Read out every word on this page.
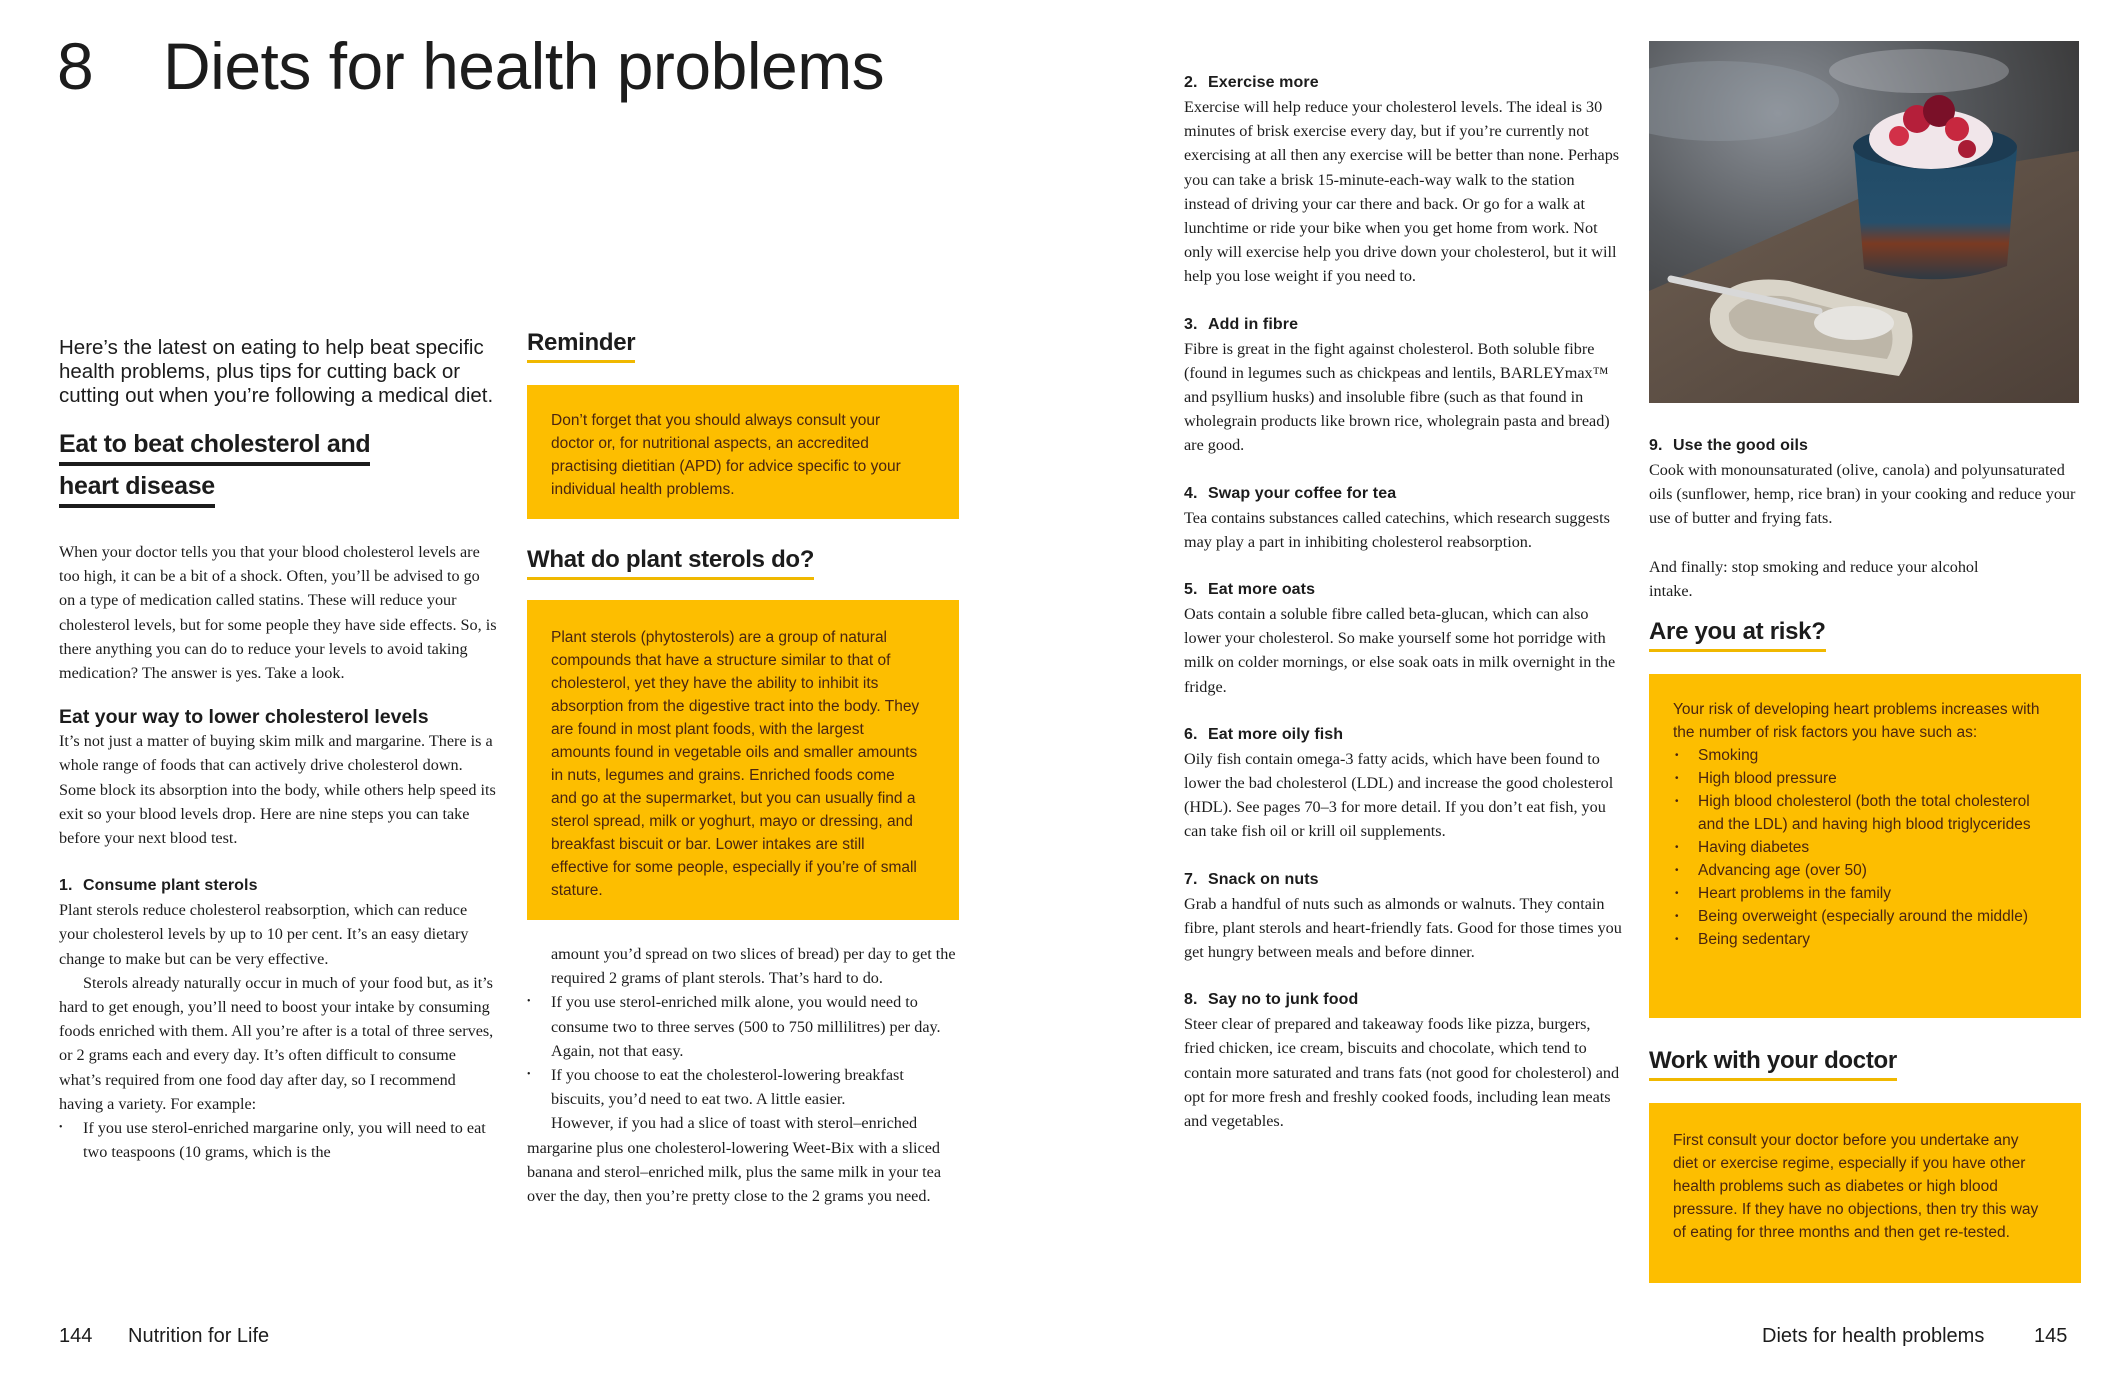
8 Diets for health problems

Here’s the latest on eating to help beat specific health problems, plus tips for cutting back or cutting out when you’re following a medical diet.

Eat to beat cholesterol and
heart disease

When your doctor tells you that your blood cholesterol levels are too high, it can be a bit of a shock. Often, you’ll be advised to go on a type of medication called statins. These will reduce your cholesterol levels, but for some people they have side effects. So, is there anything you can do to reduce your levels to avoid taking medication? The answer is yes. Take a look.

Eat your way to lower cholesterol levels

It’s not just a matter of buying skim milk and margarine. There is a whole range of foods that can actively drive cholesterol down. Some block its absorption into the body, while others help speed its exit so your blood levels drop. Here are nine steps you can take before your next blood test.

1. Consume plant sterols

Plant sterols reduce cholesterol reabsorption, which can reduce your cholesterol levels by up to 10 per cent. It’s an easy dietary change to make but can be very effective.

Sterols already naturally occur in much of your food but, as it’s hard to get enough, you’ll need to boost your intake by consuming foods enriched with them. All you’re after is a total of three serves, or 2 grams each and every day. It’s often difficult to consume what’s required from one food day after day, so I recommend having a variety. For example:

• If you use sterol-enriched margarine only, you will need to eat two teaspoons (10 grams, which is the
Reminder
Don’t forget that you should always consult your doctor or, for nutritional aspects, an accredited practising dietitian (APD) for advice specific to your individual health problems.
What do plant sterols do?
Plant sterols (phytosterols) are a group of natural compounds that have a structure similar to that of cholesterol, yet they have the ability to inhibit its absorption from the digestive tract into the body. They are found in most plant foods, with the largest amounts found in vegetable oils and smaller amounts in nuts, legumes and grains. Enriched foods come and go at the supermarket, but you can usually find a sterol spread, milk or yoghurt, mayo or dressing, and breakfast biscuit or bar. Lower intakes are still effective for some people, especially if you’re of small stature.

amount you’d spread on two slices of bread) per day to get the required 2 grams of plant sterols. That’s hard to do.

• If you use sterol-enriched milk alone, you would need to consume two to three serves (500 to 750 millilitres) per day. Again, not that easy.
• If you choose to eat the cholesterol-lowering breakfast biscuits, you’d need to eat two. A little easier.

However, if you had a slice of toast with sterol–enriched margarine plus one cholesterol-lowering Weet-Bix with a sliced banana and sterol–enriched milk, plus the same milk in your tea over the day, then you’re pretty close to the 2 grams you need.

144 Nutrition for Life
2. Exercise more

Exercise will help reduce your cholesterol levels. The ideal is 30 minutes of brisk exercise every day, but if you’re currently not exercising at all then any exercise will be better than none. Perhaps you can take a brisk 15-minute-each-way walk to the station instead of driving your car there and back. Or go for a walk at lunchtime or ride your bike when you get home from work. Not only will exercise help you drive down your cholesterol, but it will help you lose weight if you need to.

3. Add in fibre

Fibre is great in the fight against cholesterol. Both soluble fibre (found in legumes such as chickpeas and lentils, BARLEYmax™ and psyllium husks) and insoluble fibre (such as that found in wholegrain products like brown rice, wholegrain pasta and bread) are good.

4. Swap your coffee for tea

Tea contains substances called catechins, which research suggests may play a part in inhibiting cholesterol reabsorption.

5. Eat more oats

Oats contain a soluble fibre called beta-glucan, which can also lower your cholesterol. So make yourself some hot porridge with milk on colder mornings, or else soak oats in milk overnight in the fridge.

6. Eat more oily fish

Oily fish contain omega-3 fatty acids, which have been found to lower the bad cholesterol (LDL) and increase the good cholesterol (HDL). See pages 70–3 for more detail. If you don’t eat fish, you can take fish oil or krill oil supplements.

7. Snack on nuts

Grab a handful of nuts such as almonds or walnuts. They contain fibre, plant sterols and heart-friendly fats. Good for those times you get hungry between meals and before dinner.

8. Say no to junk food

Steer clear of prepared and takeaway foods like pizza, burgers, fried chicken, ice cream, biscuits and chocolate, which tend to contain more saturated and trans fats (not good for cholesterol) and opt for more fresh and freshly cooked foods, including lean meats and vegetables.

9. Use the good oils

Cook with monounsaturated (olive, canola) and polyunsaturated oils (sunflower, hemp, rice bran) in your cooking and reduce your use of butter and frying fats.

And finally: stop smoking and reduce your alcohol intake.

Are you at risk?

Your risk of developing heart problems increases with the number of risk factors you have such as:

• Smoking
• High blood pressure
• High blood cholesterol (both the total cholesterol and the LDL) and having high blood triglycerides
• Having diabetes
• Advancing age (over 50)
• Heart problems in the family
• Being overweight (especially around the middle)
• Being sedentary
Work with your doctor
First consult your doctor before you undertake any diet or exercise regime, especially if you have other health problems such as diabetes or high blood pressure. If they have no objections, then try this way of eating for three months and then get re-tested.
Diets for health problems 145
